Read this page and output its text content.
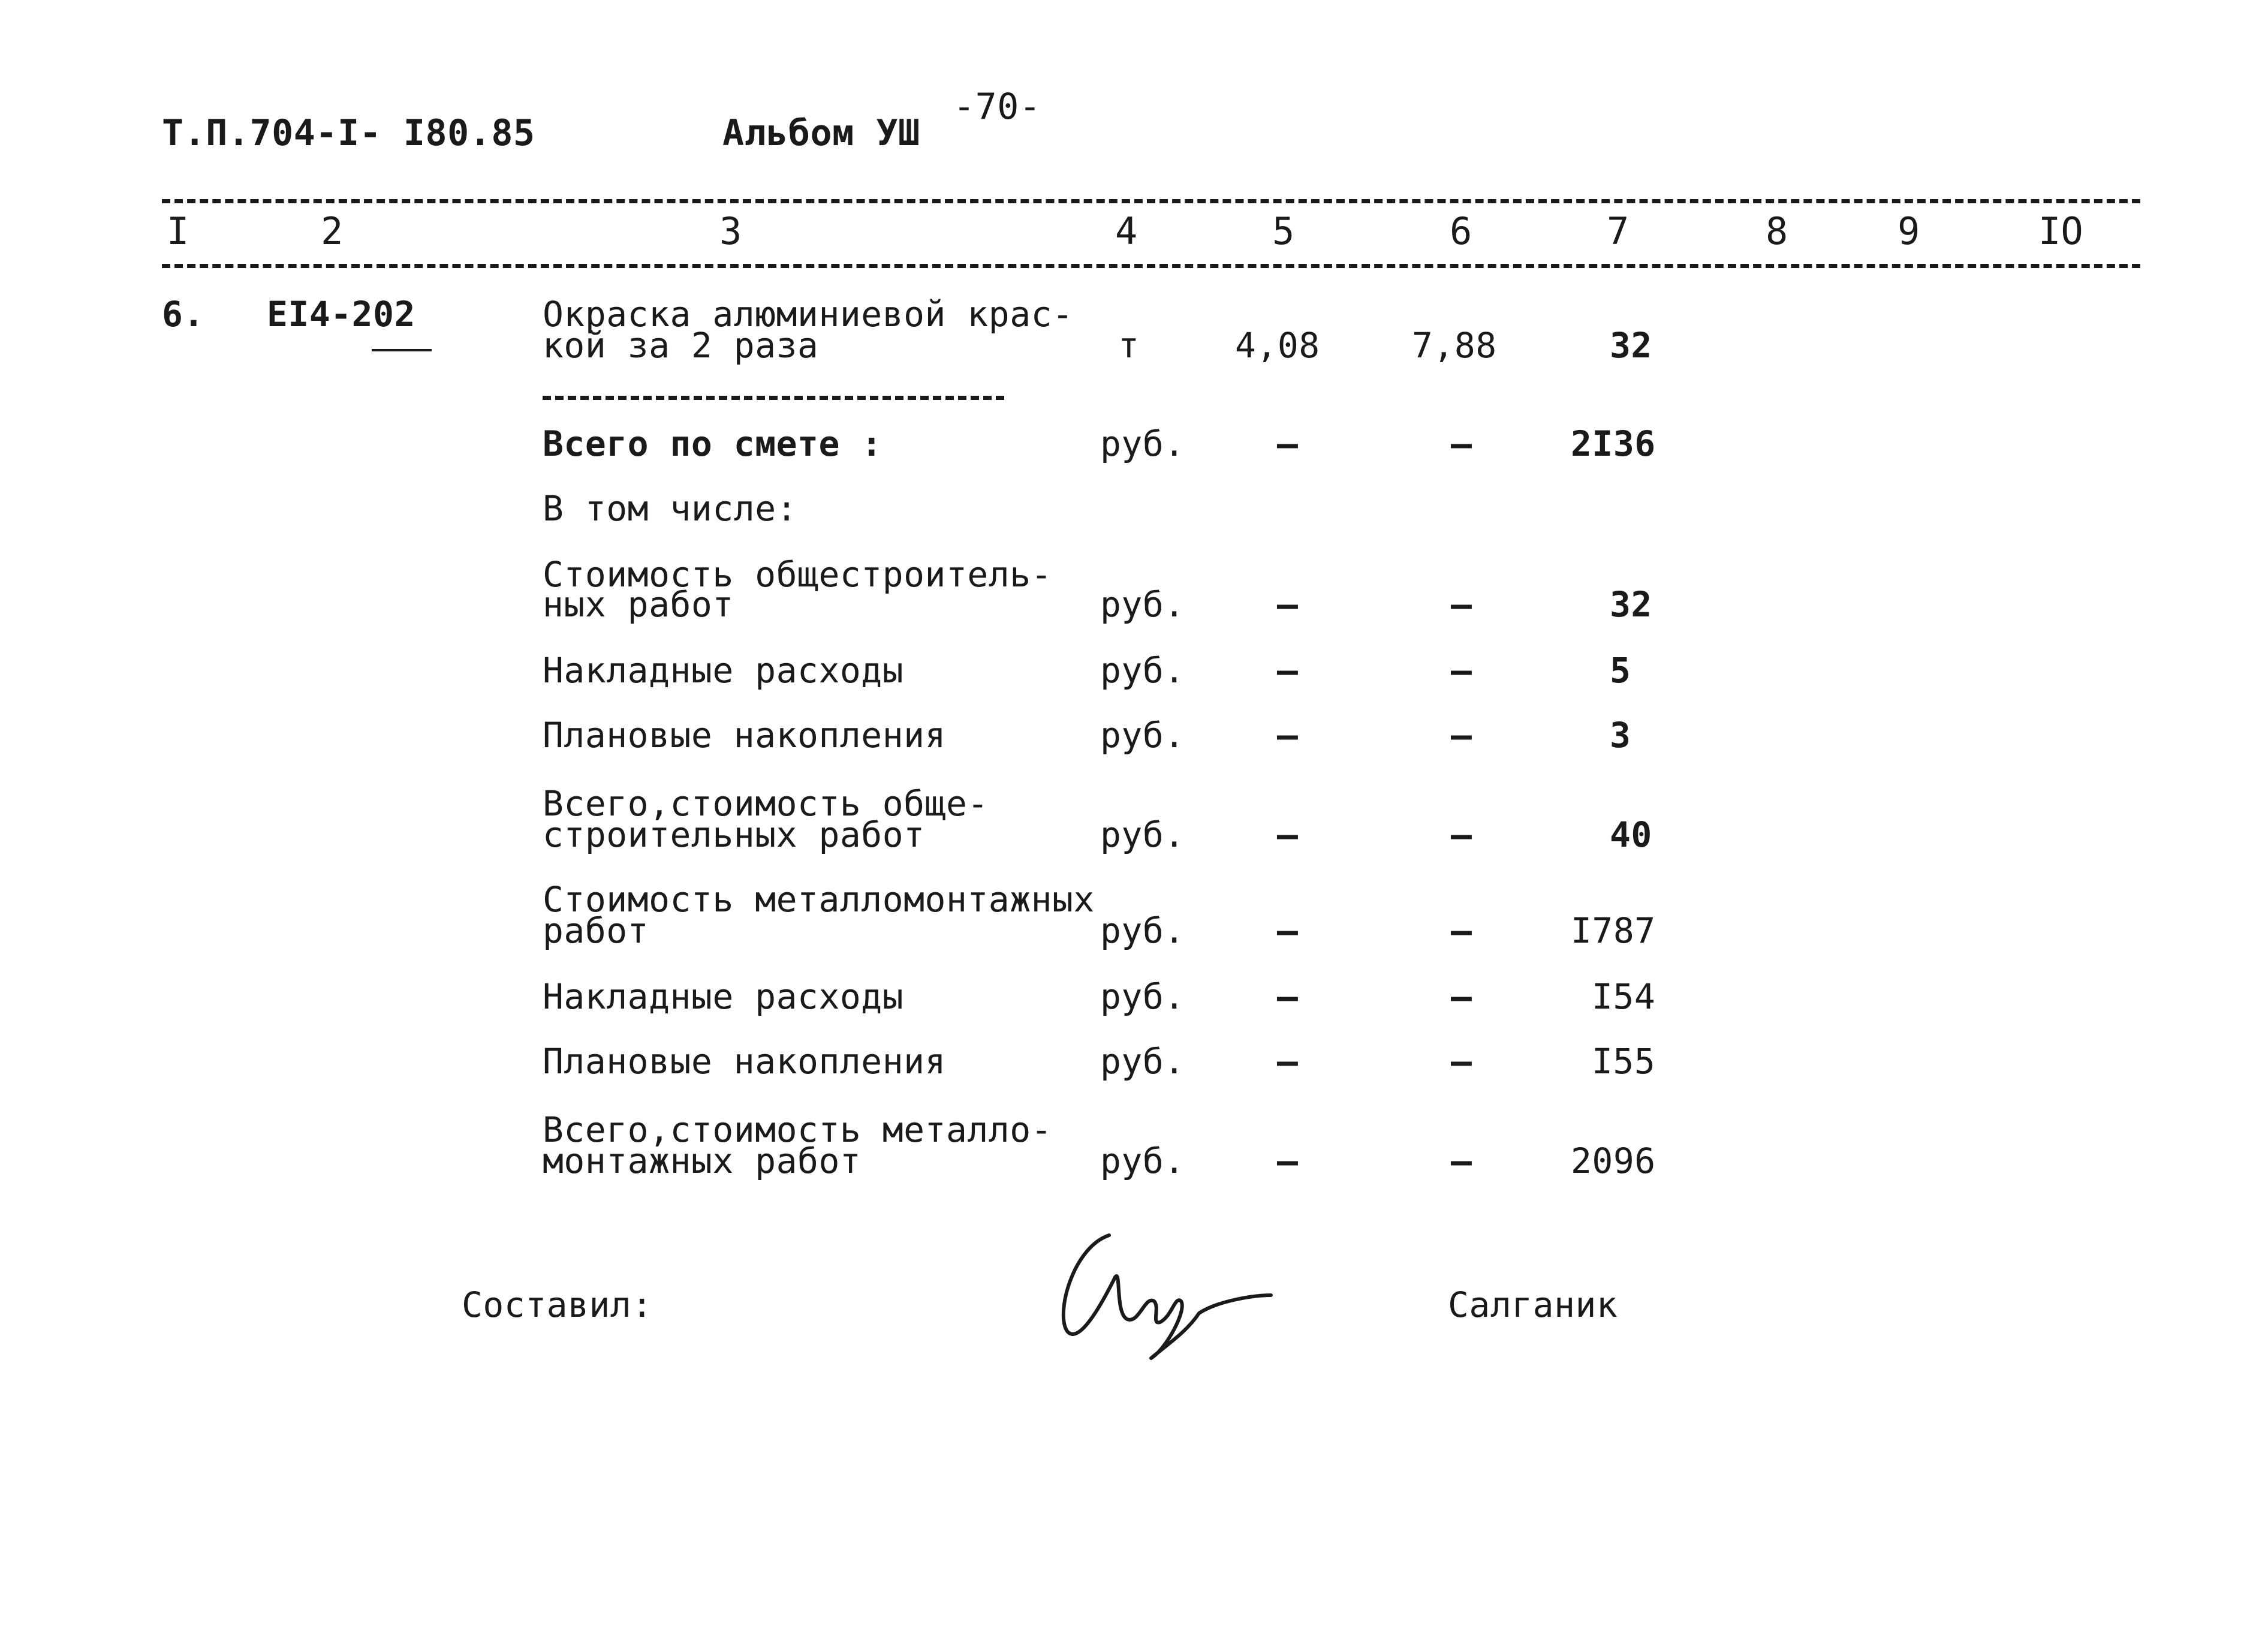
Т.П.704-I- I80.85	Альбом УШ
-70-
I	2	3	4	5	6	7	8	9	IO
6. EI4-202	Окраска алюминиевой крас-
кой за 2 раза	т	4,08	7,88	32
Всего по смете :	руб.	–	–	2I36
В том числе:
Стоимость общестроитель-
ных работ	руб.	–	–	32
Накладные расходы	руб.	–	–	5
Плановые накопления	руб.	–	–	3
Всего,стоимость обще-
строительных работ	руб.	–	–	40
Стоимость металломонтажных
работ	руб.	–	–	I787
Накладные расходы	руб.	–	–	I54
Плановые накопления	руб.	–	–	I55
Всего,стоимость металло-
монтажных работ	руб.	–	–	2096
Составил:	Салганик
